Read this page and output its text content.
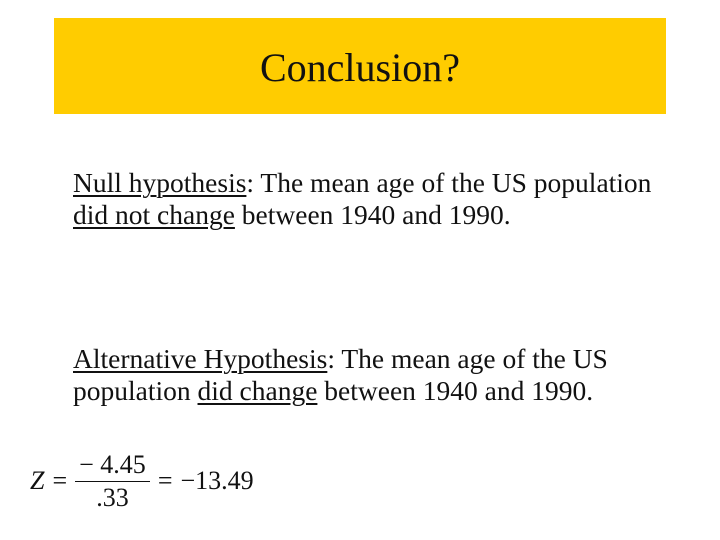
Conclusion?
Null hypothesis: The mean age of the US population did not change between 1940 and 1990.
Alternative Hypothesis: The mean age of the US population did change between 1940 and 1990.
$Z = \frac{- 4.45}{.33} = -13.49$
